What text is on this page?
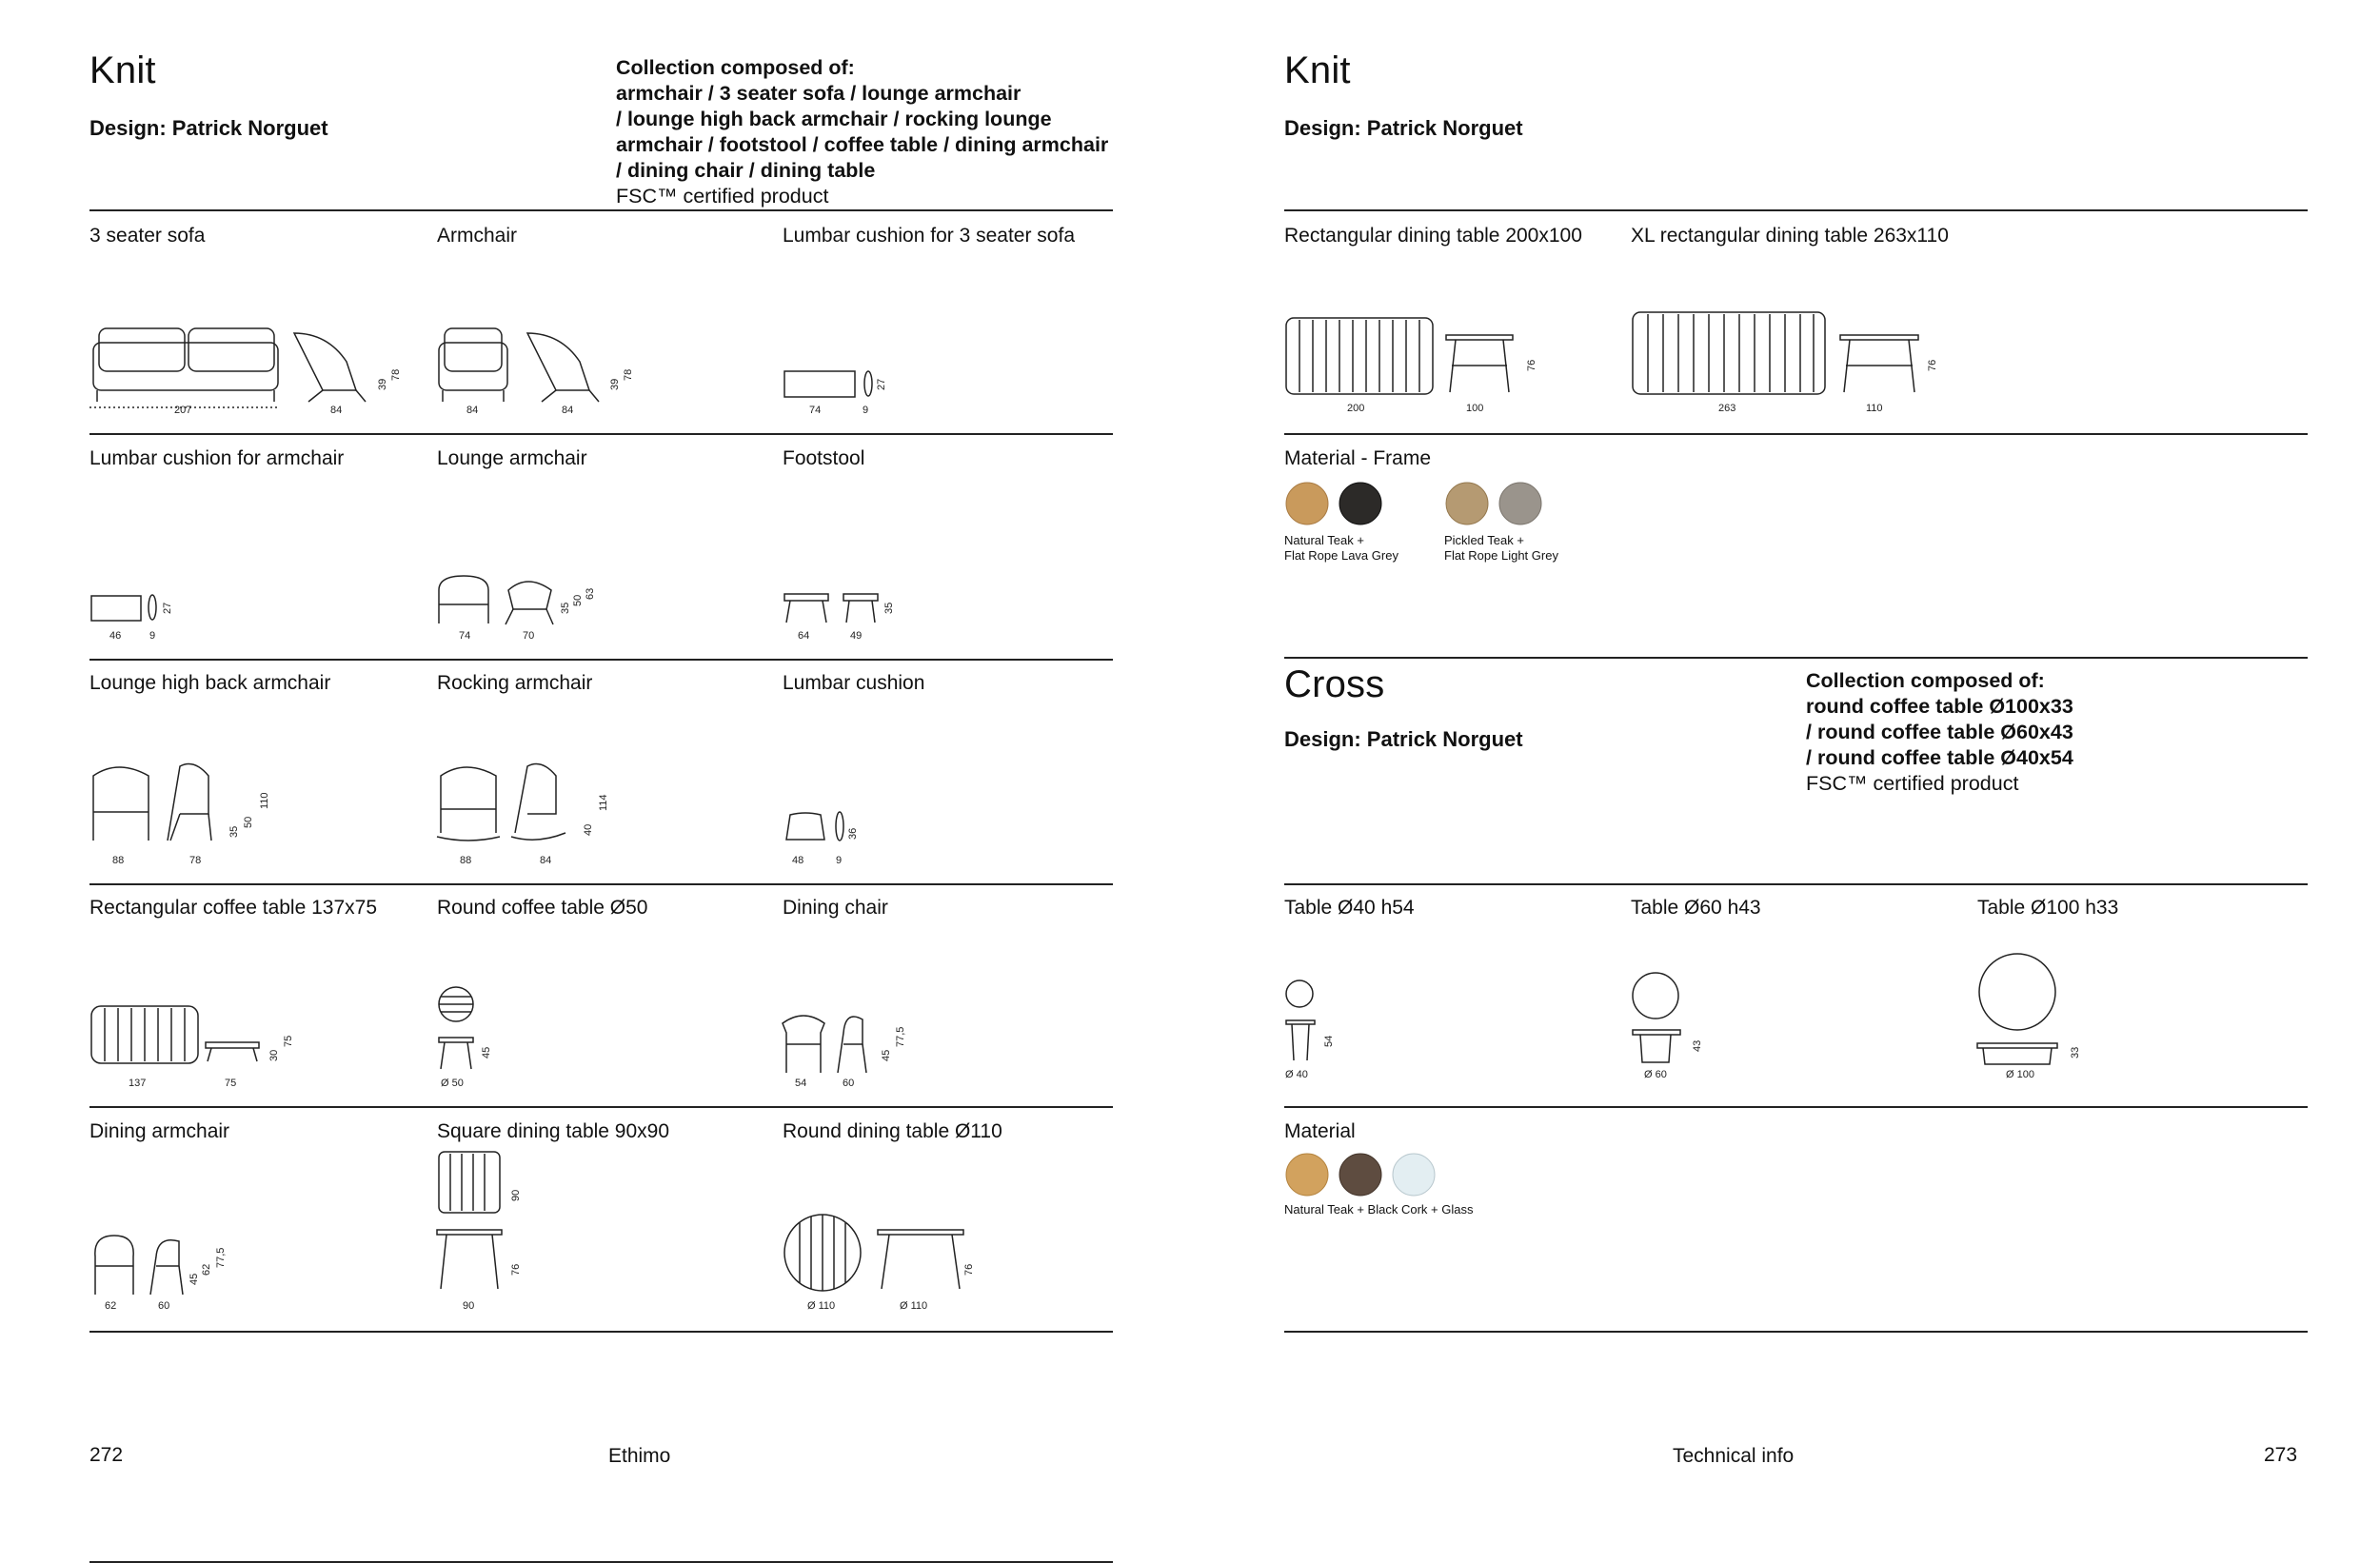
Knit
Design: Patrick Norguet
Collection composed of:
armchair / 3 seater sofa / lounge armchair
/ lounge high back armchair / rocking lounge
armchair / footstool / coffee table / dining armchair
/ dining chair / dining table
FSC™ certified product
3 seater sofa
207	84
39
78
Armchair
84	84
39
78
Lumbar cushion for 3 seater sofa
74	9
27
Lumbar cushion for armchair
46	9
27
Lounge armchair
74	70
35
50
63
Footstool
64	49
35
Lounge high back armchair
88	78
35
50
110
Rocking armchair
88	84
40
114
Lumbar cushion
48	9
36
Rectangular coffee table 137x75
137	75
30
75
Round coffee table Ø50
Ø 50
45
Dining chair
54	60
45
77,5
Dining armchair
62	60
45
62
77,5
Square dining table 90x90
90
90
76
Round dining table Ø110
Ø 110	Ø 110
76
Knit
Design: Patrick Norguet
Rectangular dining table 200x100
200	100
76
XL rectangular dining table 263x110
263	110
76
Material - Frame
Natural Teak +
Flat Rope Lava Grey
Pickled Teak +
Flat Rope Light Grey
Cross
Design: Patrick Norguet
Collection composed of:
round coffee table Ø100x33
/ round coffee table Ø60x43
/ round coffee table Ø40x54
FSC™ certified product
Table Ø40 h54
Ø 40
54
Table Ø60 h43
Ø 60
43
Table Ø100 h33
Ø 100
33
Material
Natural Teak + Black Cork + Glass
272	Ethimo	Technical info	273
